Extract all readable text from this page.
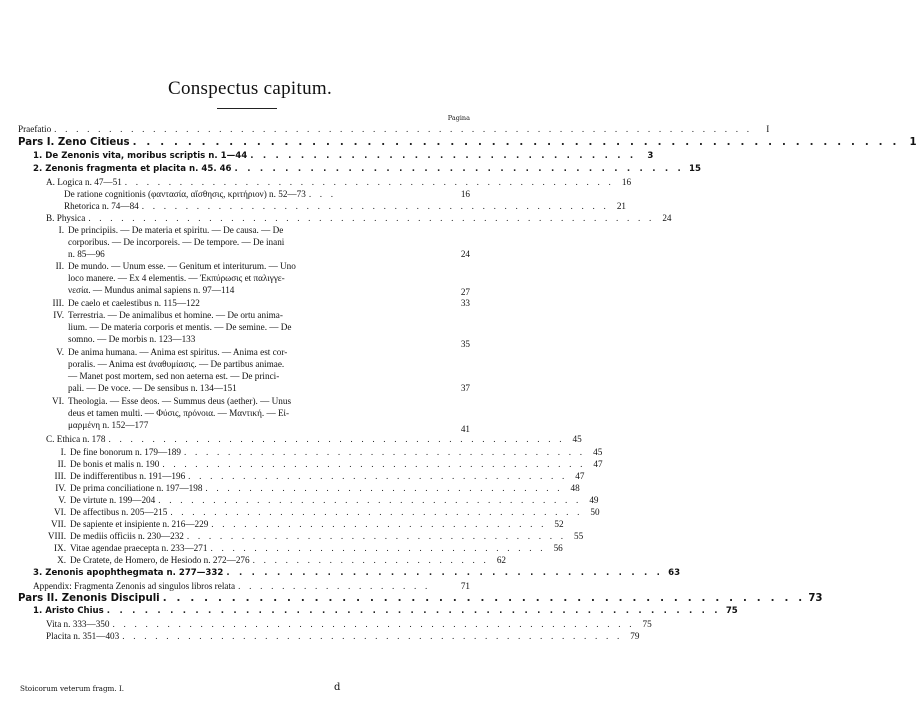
Conspectus capitum.
Pagina
Praefatio . . . . . . . . . . . . . . . . . . . . . . . . . . . . . . . . . . . . . . . . . . . . . . . . . . . . . . . . . . . . . . . .	I
Pars I. Zeno Citieus . . . . . . . . . . . . . . . . . . . . . . . . . . . . . . . . . . . . . . . . . . . . . . . . . . . . . . . . 1
1. De Zenonis vita, moribus scriptis n. 1—44 . . . . . . . . . . . . . . . . . . . . . . . . . . . . . . .	3
2. Zenonis fragmenta et placita n. 45. 46 . . . . . . . . . . . . . . . . . . . . . . . . . . . . . . . . . . . . 15
A. Logica n. 47—51 . . . . . . . . . . . . . . . . . . . . . . . . . . . . . . . . . . . . . . . . . . . . . 16
De ratione cognitionis (φαντασία, αἴσθησις, κριτήριον) n. 52—73 . . .	16
Rhetorica n. 74—84 . . . . . . . . . . . . . . . . . . . . . . . . . . . . . . . . . . . . . . . . . . . 21
B. Physica . . . . . . . . . . . . . . . . . . . . . . . . . . . . . . . . . . . . . . . . . . . . . . . . . . . . 24
I. De principiis. — De materia et spiritu. — De causa. — De
corporibus. — De incorporeis. — De tempore. — De inani
n. 85—96	24
II. De mundo. — Unum esse. — Genitum et interiturum. — Uno
loco manere. — Ex 4 elementis. — Ἐκπύρωσις et παλιγγε-
νεσία. — Mundus animal sapiens n. 97—114	27
III. De caelo et caelestibus n. 115—122	33
IV. Terrestria. — De animalibus et homine. — De ortu anima-
lium. — De materia corporis et mentis. — De semine. — De
somno. — De morbis n. 123—133	35
V. De anima humana. — Anima est spiritus. — Anima est cor-
poralis. — Anima est ἀναθυμίασις. — De partibus animae.
— Manet post mortem, sed non aeterna est. — De princi-
pali. — De voce. — De sensibus n. 134—151	37
VI. Theologia. — Esse deos. — Summus deus (aether). — Unus
deus et tamen multi. — Φύσις, πρόνοια. — Μαντική. — Εἱ-
μαρμένη n. 152—177	41
C. Ethica n. 178 . . . . . . . . . . . . . . . . . . . . . . . . . . . . . . . . . . . . . . . . . . 45
I. De fine bonorum n. 179—189 . . . . . . . . . . . . . . . . . . . . . . . . . . . . . . . . . . . . . 45
II. De bonis et malis n. 190 . . . . . . . . . . . . . . . . . . . . . . . . . . . . . . . . . . . . . . . 47
III. De indifferentibus n. 191—196 . . . . . . . . . . . . . . . . . . . . . . . . . . . . . . . . . . . 47
IV. De prima conciliatione n. 197—198 . . . . . . . . . . . . . . . . . . . . . . . . . . . . . . . . . 48
V. De virtute n. 199—204 . . . . . . . . . . . . . . . . . . . . . . . . . . . . . . . . . . . . . . . 49
VI. De affectibus n. 205—215 . . . . . . . . . . . . . . . . . . . . . . . . . . . . . . . . . . . . . . 50
VII. De sapiente et insipiente n. 216—229 . . . . . . . . . . . . . . . . . . . . . . . . . . . . . . . 52
VIII. De mediis officiis n. 230—232 . . . . . . . . . . . . . . . . . . . . . . . . . . . . . . . . . . . 55
IX. Vitae agendae praecepta n. 233—271 . . . . . . . . . . . . . . . . . . . . . . . . . . . . . . . 56
X. De Cratete, de Homero, de Hesiodo n. 272—276 . . . . . . . . . . . . . . . . . . . . . . 62
3. Zenonis apophthegmata n. 277—332 . . . . . . . . . . . . . . . . . . . . . . . . . . . . . . . . . . . 63
Appendix: Fragmenta Zenonis ad singulos libros relata . . . . . . . . . . . . . . . . . .	71
Pars II. Zenonis Discipuli . . . . . . . . . . . . . . . . . . . . . . . . . . . . . . . . . . . . . . . . . . . . . . . 73
1. Aristo Chius . . . . . . . . . . . . . . . . . . . . . . . . . . . . . . . . . . . . . . . . . . . . . . . . . 75
Vita n. 333—350 . . . . . . . . . . . . . . . . . . . . . . . . . . . . . . . . . . . . . . . . . . . . . . . . 75
Placita n. 351—403 . . . . . . . . . . . . . . . . . . . . . . . . . . . . . . . . . . . . . . . . . . . . . . 79
Stoicorum veterum fragm. I.	d
